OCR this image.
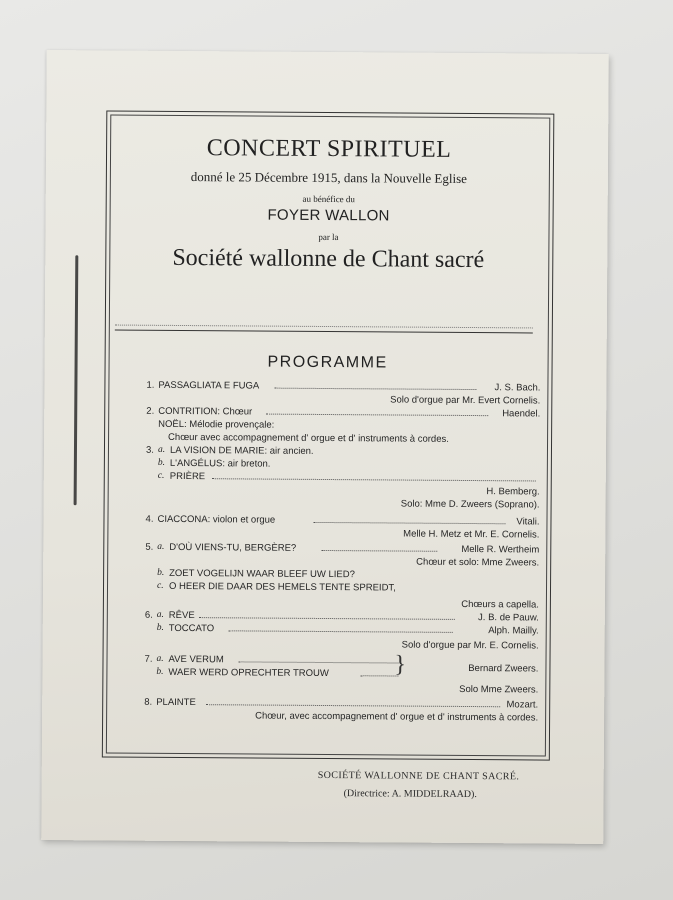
CONCERT SPIRITUEL
donné le 25 Décembre 1915, dans la Nouvelle Eglise
au bénéfice du
FOYER WALLON
par la
Société wallonne de Chant sacré
PROGRAMME
1. PASSAGLIATA E FUGA	J. S. Bach.
Solo d'orgue par Mr. Evert Cornelis.
2. CONTRITION: Chœur	Haendel.
NOËL: Mélodie provençale:
Chœur avec accompagnement d' orgue et d' instruments à cordes.
3. a. LA VISION DE MARIE: air ancien.
b. L'ANGÉLUS: air breton.
c. PRIÈRE
H. Bemberg.
Solo: Mme D. Zweers (Soprano).
4. CIACCONA: violon et orgue	Vitali.
Melle H. Metz et Mr. E. Cornelis.
5. a. D'OÙ VIENS-TU, BERGÈRE?	Melle R. Wertheim
Chœur et solo: Mme Zweers.
b. ZOET VOGELIJN WAAR BLEEF UW LIED?
c. O HEER DIE DAAR DES HEMELS TENTE SPREIDT,
Chœurs a capella.
6. a. RÊVE	J. B. de Pauw.
b. TOCCATO	Alph. Mailly.
Solo d'orgue par Mr. E. Cornelis.
7. a. AVE VERUM
b. WAER WERD OPRECHTER TROUW	}	Bernard Zweers.
Solo Mme Zweers.
8. PLAINTE	Mozart.
Chœur, avec accompagnement d' orgue et d' instruments à cordes.
SOCIÉTÉ WALLONNE DE CHANT SACRÉ.
(Directrice: A. MIDDELRAAD).
